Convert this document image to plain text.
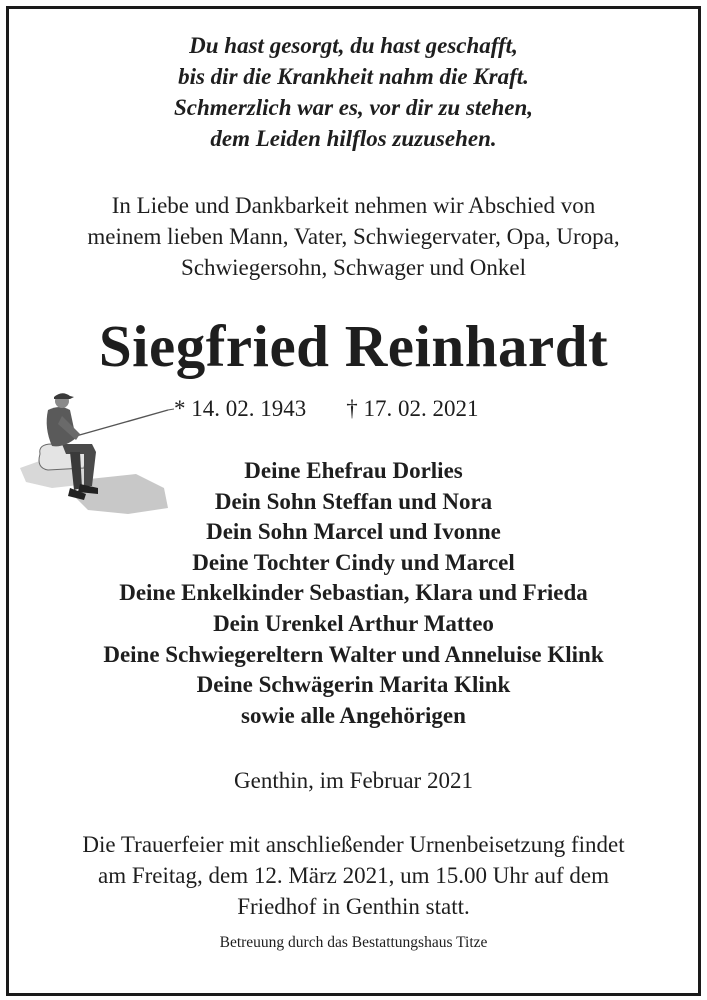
Du hast gesorgt, du hast geschafft,
bis dir die Krankheit nahm die Kraft.
Schmerzlich war es, vor dir zu stehen,
dem Leiden hilflos zuzusehen.
In Liebe und Dankbarkeit nehmen wir Abschied von
meinem lieben Mann, Vater, Schwiegervater, Opa, Uropa,
Schwiegersohn, Schwager und Onkel
Siegfried Reinhardt
* 14. 02. 1943 † 17. 02. 2021
Deine Ehefrau Dorlies
Dein Sohn Steffan und Nora
Dein Sohn Marcel und Ivonne
Deine Tochter Cindy und Marcel
Deine Enkelkinder Sebastian, Klara und Frieda
Dein Urenkel Arthur Matteo
Deine Schwiegereltern Walter und Anneluise Klink
Deine Schwägerin Marita Klink
sowie alle Angehörigen
Genthin, im Februar 2021
Die Trauerfeier mit anschließender Urnenbeisetzung findet
am Freitag, dem 12. März 2021, um 15.00 Uhr auf dem
Friedhof in Genthin statt.
Betreuung durch das Bestattungshaus Titze
